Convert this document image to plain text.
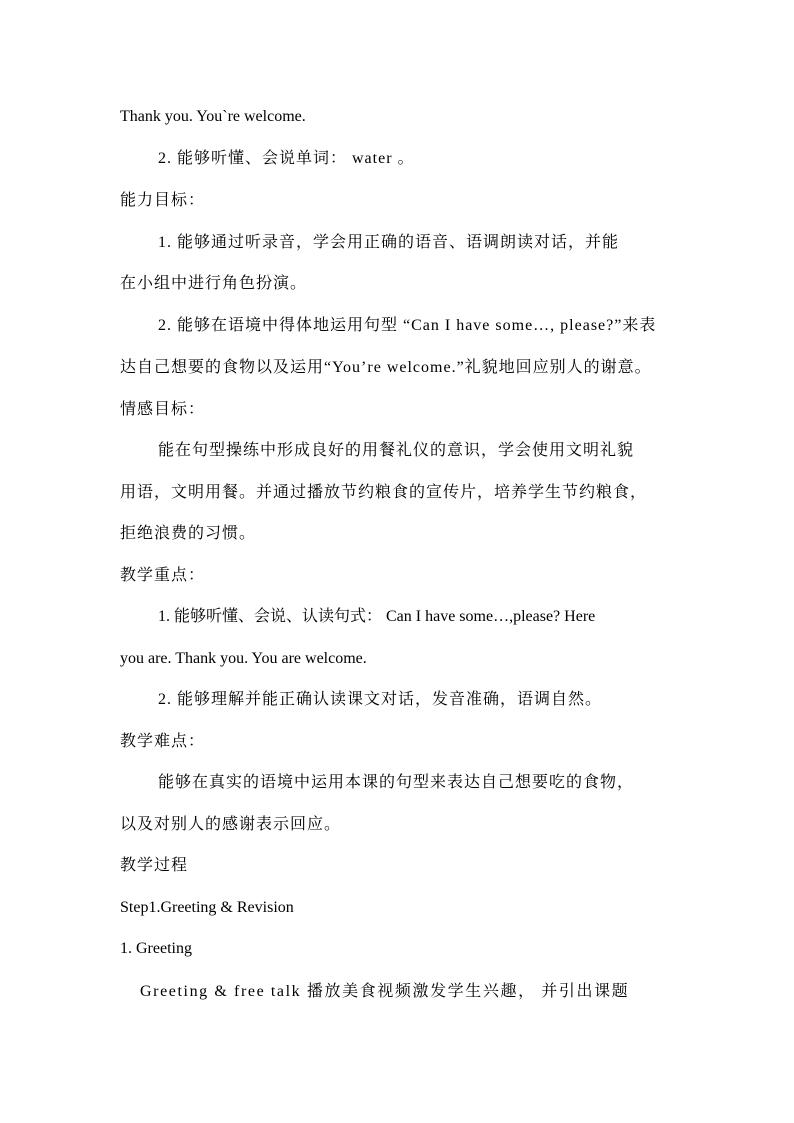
Thank you. You`re welcome.
2. 能够听懂、会说单词： water 。
能力目标：
1. 能够通过听录音，学会用正确的语音、语调朗读对话，并能
在小组中进行角色扮演。
2. 能够在语境中得体地运用句型 “Can I have some…, please?”来表
达自己想要的食物以及运用“You’re welcome.”礼貌地回应别人的谢意。
情感目标：
能在句型操练中形成良好的用餐礼仪的意识，学会使用文明礼貌
用语，文明用餐。并通过播放节约粮食的宣传片，培养学生节约粮食，
拒绝浪费的习惯。
教学重点：
1. 能够听懂、会说、认读句式： Can I have some…,please? Here
you are. Thank you. You are welcome.
2. 能够理解并能正确认读课文对话，发音准确，语调自然。
教学难点：
能够在真实的语境中运用本课的句型来表达自己想要吃的食物，
以及对别人的感谢表示回应。
教学过程
Step1.Greeting & Revision
1. Greeting
Greeting & free talk 播放美食视频激发学生兴趣， 并引出课题
